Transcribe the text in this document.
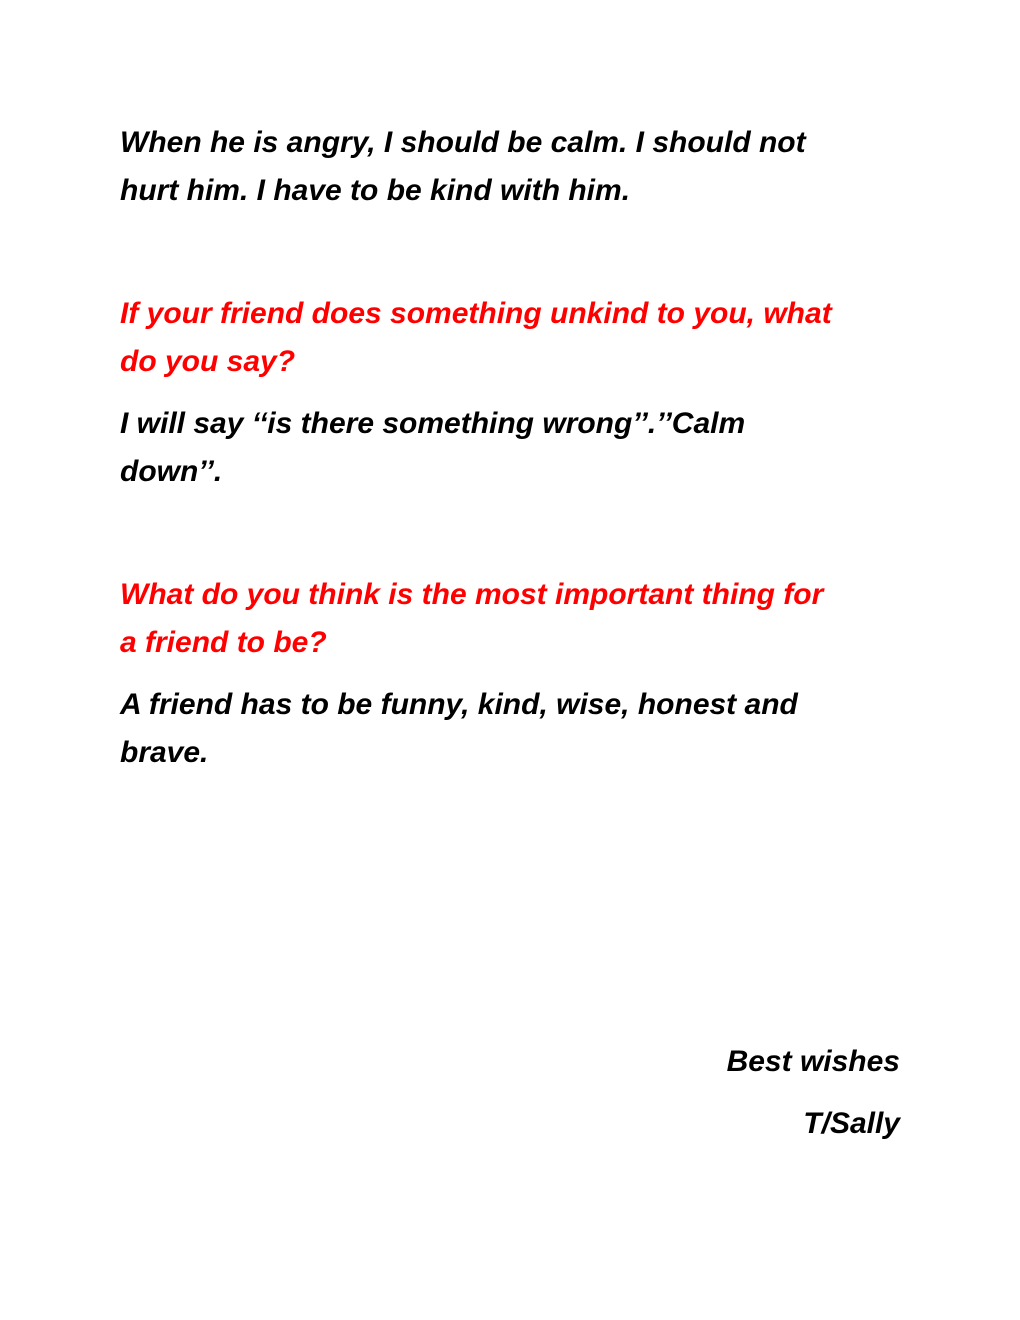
When he is angry, I should be calm. I should not
hurt him. I have to be kind with him.
If your friend does something unkind to you, what
do you say?
I will say ‘‘is there something wrong’’.’’Calm
down’’.
What do you think is the most important thing for
a friend to be?
A friend has to be funny, kind, wise, honest and
brave.
Best wishes
T/Sally
